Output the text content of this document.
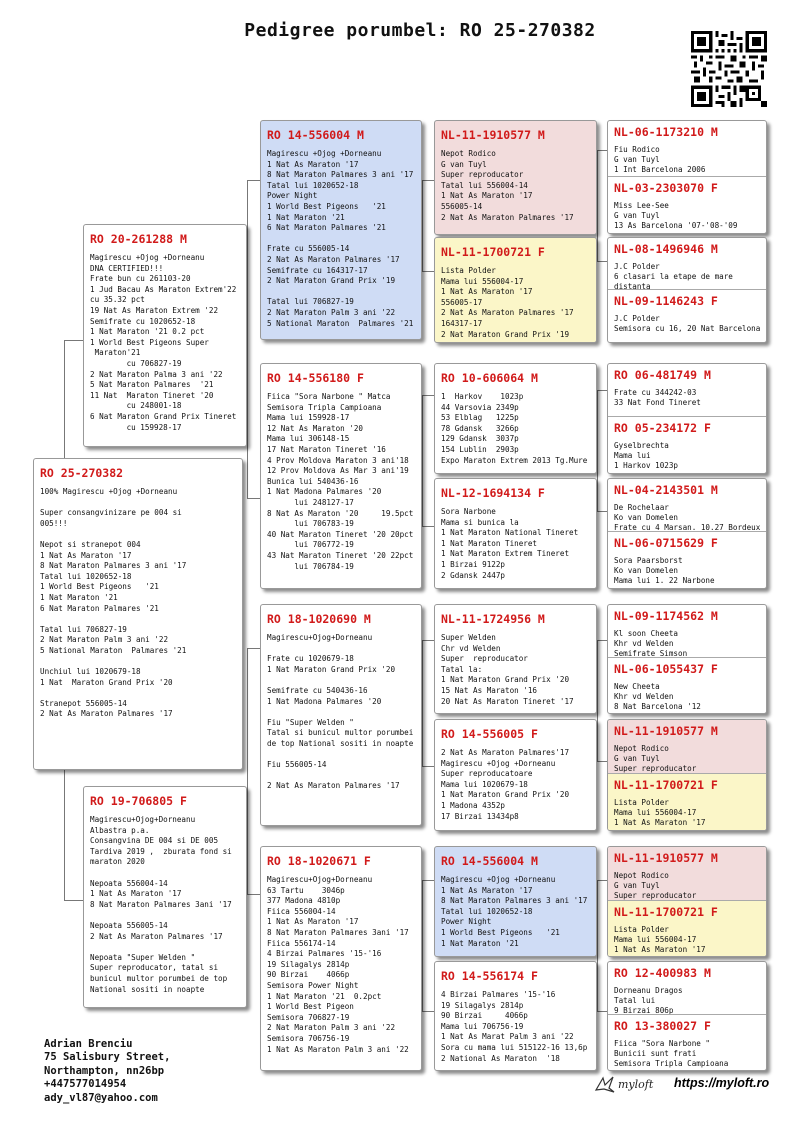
Pedigree porumbel: RO 25-270382
RO 25-270382
100% Magirescu +Ojog +Dorneanu
Super consangvinizare pe 004 si
005!!!
Nepot si stranepot 004
1 Nat As Maraton '17
8 Nat Maraton Palmares 3 ani '17
Tatal lui 1020652-18
1 World Best Pigeons   '21
1 Nat Maraton '21
6 Nat Maraton Palmares '21
Tatal lui 706827-19
2 Nat Maraton Palm 3 ani '22
5 National Maraton  Palmares '21
Unchiul lui 1020679-18
1 Nat  Maraton Grand Prix '20
Stranepot 556005-14
2 Nat As Maraton Palmares '17
RO 20-261288 M
Magirescu +Ojog +Dorneanu
DNA CERTIFIED!!!
Frate bun cu 261103-20
1 Jud Bacau As Maraton Extrem'22
cu 35.32 pct
19 Nat As Maraton Extrem '22
Semifrate cu 1020652-18
1 Nat Maraton '21 0.2 pct
1 World Best Pigeons Super
Maraton'21
cu 706827-19
2 Nat Maraton Palma 3 ani '22
5 Nat Maraton Palmares  '21
11 Nat  Maraton Tineret '20
cu 248001-18
6 Nat Maraton Grand Prix Tineret
cu 159928-17
RO 19-706805 F
Magirescu+Ojog+Dorneanu
Albastra p.a.
Consangvina DE 004 si DE 005
Tardiva 2019 ,  zburata fond si
maraton 2020
Nepoata 556004-14
1 Nat As Maraton '17
8 Nat Maraton Palmares 3ani '17
Nepoata 556005-14
2 Nat As Maraton Palmares '17
Nepoata "Super Welden "
Super reproducator, tatal si
bunicul multor porumbei de top
National sositi in noapte
RO 14-556004 M
Magirescu +Ojog +Dorneanu
1 Nat As Maraton '17
8 Nat Maraton Palmares 3 ani '17
Tatal lui 1020652-18
Power Night
1 World Best Pigeons   '21
1 Nat Maraton '21
6 Nat Maraton Palmares '21
Frate cu 556005-14
2 Nat As Maraton Palmares '17
Semifrate cu 164317-17
2 Nat Maraton Grand Prix '19
Tatal lui 706827-19
2 Nat Maraton Palm 3 ani '22
5 National Maraton  Palmares '21
RO 14-556180 F
Fiica "Sora Narbone " Matca
Semisora Tripla Campioana
Mama lui 159928-17
12 Nat As Maraton '20
Mama lui 306148-15
17 Nat Maraton Tineret '16
4 Prov Moldova Maraton 3 ani'18
12 Prov Moldova As Mar 3 ani'19
Bunica lui 540436-16
1 Nat Madona Palmares '20
lui 248127-17
8 Nat As Maraton '20     19.5pct
lui 706783-19
40 Nat Maraton Tineret '20 20pct
lui 706772-19
43 Nat Maraton Tineret '20 22pct
lui 706784-19
RO 18-1020690 M
Magirescu+Ojog+Dorneanu
Frate cu 1020679-18
1 Nat Maraton Grand Prix '20
Semifrate cu 540436-16
1 Nat Madona Palmares '20
Fiu "Super Welden "
Tatal si bunicul multor porumbei
de top National sositi in noapte
Fiu 556005-14
2 Nat As Maraton Palmares '17
RO 18-1020671 F
Magirescu+Ojog+Dorneanu
63 Tartu    3046p
377 Madona 4810p
Fiica 556004-14
1 Nat As Maraton '17
8 Nat Maraton Palmares 3ani '17
Fiica 556174-14
4 Birzai Palmares '15-'16
19 Silagalys 2814p
90 Birzai    4066p
Semisora Power Night
1 Nat Maraton '21  0.2pct
1 World Best Pigeon
Semisora 706827-19
2 Nat Maraton Palm 3 ani '22
Semisora 706756-19
1 Nat As Maraton Palm 3 ani '22
NL-11-1910577 M
Nepot Rodico
G van Tuyl
Super reproducator
Tatal lui 556004-14
1 Nat As Maraton '17
556005-14
2 Nat As Maraton Palmares '17
NL-11-1700721 F
Lista Polder
Mama lui 556004-17
1 Nat As Maraton '17
556005-17
2 Nat As Maraton Palmares '17
164317-17
2 Nat Maraton Grand Prix '19
RO 10-606064 M
1  Harkov    1023p
44 Varsovia 2349p
53 Elblag   1225p
78 Gdansk   3266p
129 Gdansk  3037p
154 Lublin  2903p
Expo Maraton Extrem 2013 Tg.Mure
NL-12-1694134 F
Sora Narbone
Mama si bunica la
1 Nat Maraton National Tineret
1 Nat Maraton Tineret
1 Nat Maraton Extrem Tineret
1 Birzai 9122p
2 Gdansk 2447p
NL-11-1724956 M
Super Welden
Chr vd Welden
Super  reproducator
Tatal la:
1 Nat Maraton Grand Prix '20
15 Nat As Maraton '16
20 Nat As Maraton Tineret '17
RO 14-556005 F
2 Nat As Maraton Palmares'17
Magirescu +Ojog +Dorneanu
Super reproducatoare
Mama lui 1020679-18
1 Nat Maraton Grand Prix '20
1 Madona 4352p
17 Birzai 13434p8
RO 14-556004 M
Magirescu +Ojog +Dorneanu
1 Nat As Maraton '17
8 Nat Maraton Palmares 3 ani '17
Tatal lui 1020652-18
Power Night
1 World Best Pigeons   '21
1 Nat Maraton '21
RO 14-556174 F
4 Birzai Palmares '15-'16
19 Silagalys 2814p
90 Birzai     4066p
Mama lui 706756-19
1 Nat As Marat Palm 3 ani '22
Sora cu mama lui 515122-16 13,6p
2 National As Maraton  '18
NL-06-1173210 M
Fiu Rodico
G van Tuyl
1 Int Barcelona 2006
NL-03-2303070 F
Miss Lee-See
G van Tuyl
13 As Barcelona '07-'08-'09
NL-08-1496946 M
J.C Polder
6 clasari la etape de mare
distanta
NL-09-1146243 F
J.C Polder
Semisora cu 16, 20 Nat Barcelona
RO 06-481749 M
Frate cu 344242-03
33 Nat Fond Tineret
RO 05-234172 F
Gyselbrechta
Mama lui
1 Harkov 1023p
NL-04-2143501 M
De Rochelaar
Ko van Domelen
Frate cu 4 Marsan. 10.27 Bordeux
NL-06-0715629 F
Sora Paarsborst
Ko van Domelen
Mama lui 1. 22 Narbone
NL-09-1174562 M
Kl soon Cheeta
Khr vd Welden
Semifrate Simson
NL-06-1055437 F
New Cheeta
Khr vd Welden
8 Nat Barcelona '12
NL-11-1910577 M
Nepot Rodico
G van Tuyl
Super reproducator
NL-11-1700721 F
Lista Polder
Mama lui 556004-17
1 Nat As Maraton '17
NL-11-1910577 M
Nepot Rodico
G van Tuyl
Super reproducator
NL-11-1700721 F
Lista Polder
Mama lui 556004-17
1 Nat As Maraton '17
RO 12-400983 M
Dorneanu Dragos
Tatal lui
9 Birzai 806p
RO 13-380027 F
Fiica "Sora Narbone "
Bunicii sunt frati
Semisora Tripla Campioana
Adrian Brenciu
75 Salisbury Street,
Northampton, nn26bp
+447577014954
ady_vl87@yahoo.com
myloft https://myloft.ro
